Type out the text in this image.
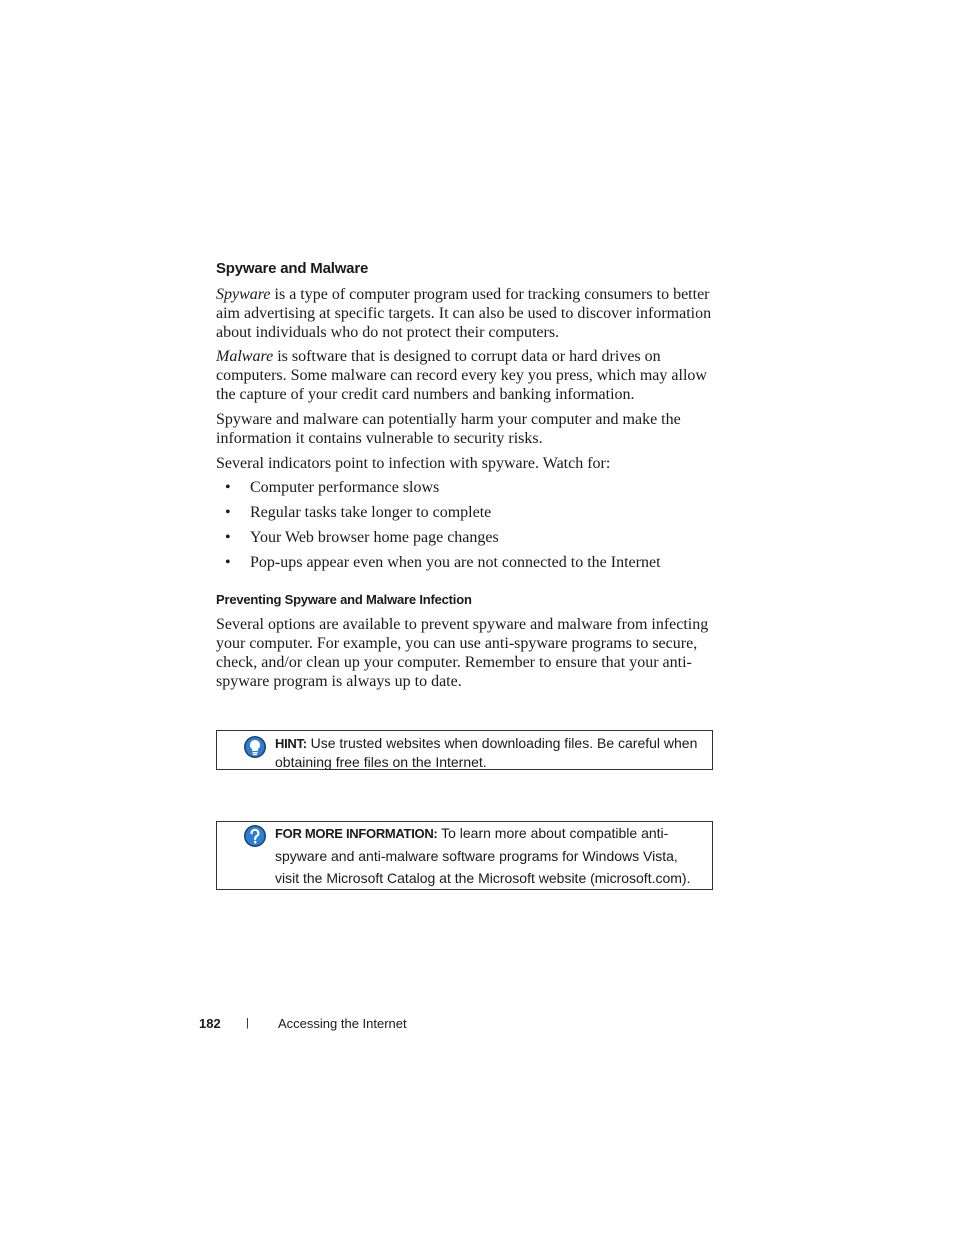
Spyware and Malware

Spyware is a type of computer program used for tracking consumers to better aim advertising at specific targets. It can also be used to discover information about individuals who do not protect their computers.

Malware is software that is designed to corrupt data or hard drives on computers. Some malware can record every key you press, which may allow the capture of your credit card numbers and banking information.

Spyware and malware can potentially harm your computer and make the information it contains vulnerable to security risks.

Several indicators point to infection with spyware. Watch for:

• Computer performance slows
• Regular tasks take longer to complete
• Your Web browser home page changes
• Pop-ups appear even when you are not connected to the Internet
Preventing Spyware and Malware Infection

Several options are available to prevent spyware and malware from infecting your computer. For example, you can use anti-spyware programs to secure, check, and/or clean up your computer. Remember to ensure that your anti-spyware program is always up to date.

HINT: Use trusted websites when downloading files. Be careful when obtaining free files on the Internet.
FOR MORE INFORMATION: To learn more about compatible anti-spyware and anti-malware software programs for Windows Vista, visit the Microsoft Catalog at the Microsoft website (microsoft.com).
182 | Accessing the Internet
